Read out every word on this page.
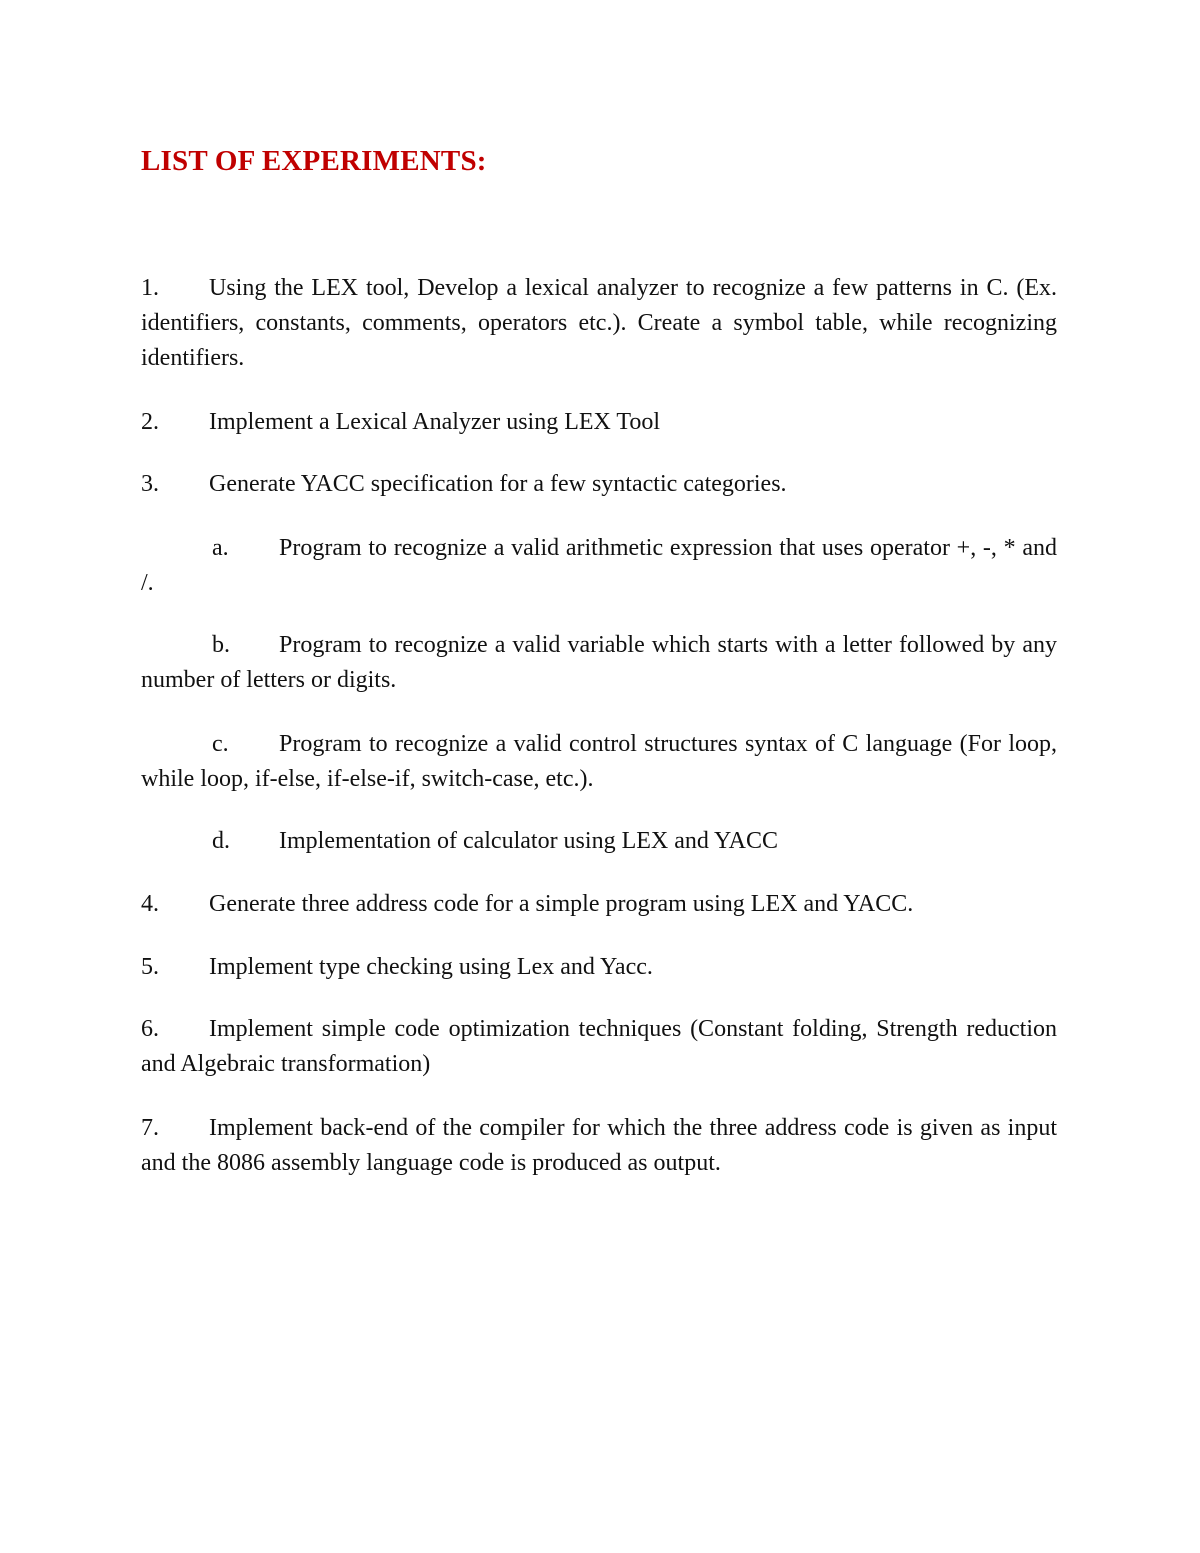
LIST OF EXPERIMENTS:

1. Using the LEX tool, Develop a lexical analyzer to recognize a few patterns in C. (Ex. identifiers, constants, comments, operators etc.). Create a symbol table, while recognizing identifiers.

2. Implement a Lexical Analyzer using LEX Tool

3. Generate YACC specification for a few syntactic categories.

a. Program to recognize a valid arithmetic expression that uses operator +, -, * and /.

b. Program to recognize a valid variable which starts with a letter followed by any number of letters or digits.

c. Program to recognize a valid control structures syntax of C language (For loop, while loop, if-else, if-else-if, switch-case, etc.).

d. Implementation of calculator using LEX and YACC

4. Generate three address code for a simple program using LEX and YACC.

5. Implement type checking using Lex and Yacc.

6. Implement simple code optimization techniques (Constant folding, Strength reduction and Algebraic transformation)

7. Implement back-end of the compiler for which the three address code is given as input and the 8086 assembly language code is produced as output.
